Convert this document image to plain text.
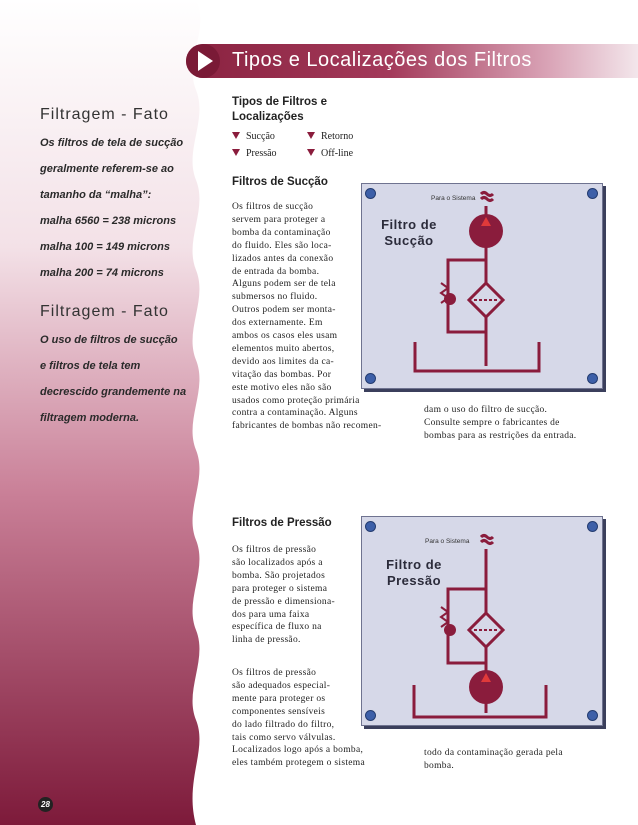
Filtragem - Fato
Os filtros de tela de sucção
geralmente referem-se ao
tamanho da “malha”:
malha 6560 = 238 microns
malha 100 = 149 microns
malha 200 = 74 microns
Filtragem - Fato
O uso de filtros de sucção
e filtros de tela tem
decrescido grandemente na
filtragem moderna.
28
Tipos e Localizações dos Filtros
Tipos de Filtros e
Localizações
Sucção	Retorno
Pressão	Off-line
Filtros de Sucção
Os filtros de sucção
servem para proteger a
bomba da contaminação
do fluido. Eles são loca-
lizados antes da conexão
de entrada da bomba.
Alguns podem ser de tela
submersos no fluido.
Outros podem ser monta-
dos externamente. Em
ambos os casos eles usam
elementos muito abertos,
devido aos limites da ca-
vitação das bombas. Por
este motivo eles não são
usados como proteção primária
contra a contaminação. Alguns
fabricantes de bombas não recomen-
dam o uso do filtro de sucção.
Consulte sempre o fabricantes de
bombas para as restrições da entrada.
Para o Sistema
Filtro de
Sucção
Filtros de Pressão
Os filtros de pressão
são localizados após a
bomba. São projetados
para proteger o sistema
de pressão e dimensiona-
dos para uma faixa
específica de fluxo na
linha de pressão.
Os filtros de pressão
são adequados especial-
mente para proteger os
componentes sensíveis
do lado filtrado do filtro,
tais como servo válvulas.
Localizados logo após a bomba,
eles também protegem o sistema
todo da contaminação gerada pela
bomba.
Para o Sistema
Filtro de
Pressão
